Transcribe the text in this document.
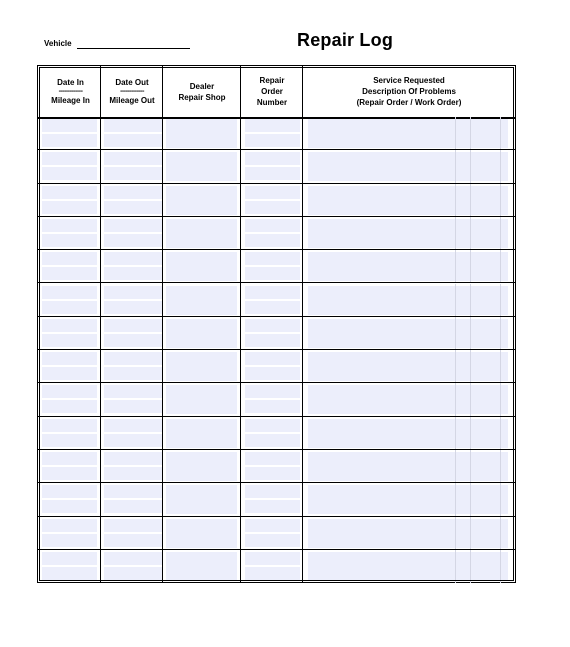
Vehicle	Repair Log
Date In
-------------
Mileage In
Date Out
-------------
Mileage Out
Dealer
Repair Shop
Repair
Order
Number
Service Requested
Description Of Problems
(Repair Order / Work Order)
